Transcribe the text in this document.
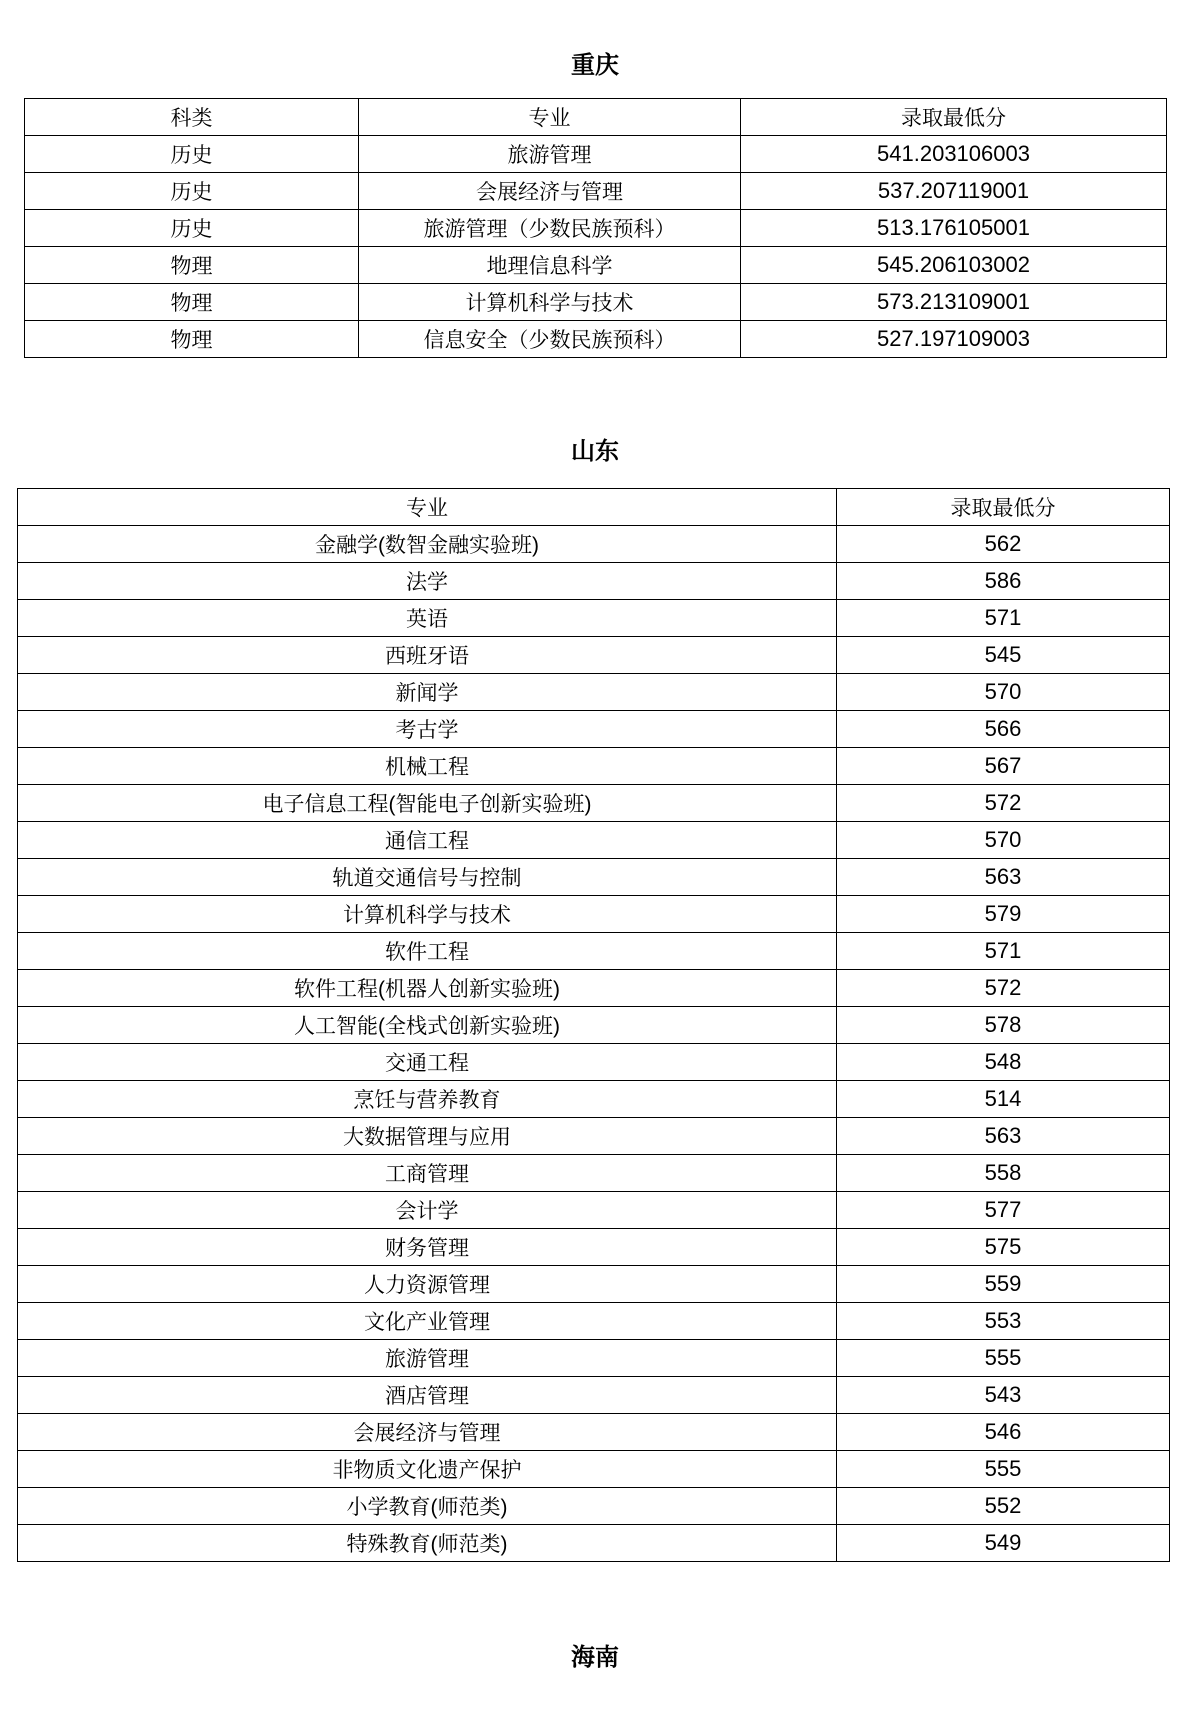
重庆
科类	专业	录取最低分
历史	旅游管理	541.203106003
历史	会展经济与管理	537.207119001
历史	旅游管理（少数民族预科）	513.176105001
物理	地理信息科学	545.206103002
物理	计算机科学与技术	573.213109001
物理	信息安全（少数民族预科）	527.197109003
山东
专业	录取最低分
金融学(数智金融实验班)	562
法学	586
英语	571
西班牙语	545
新闻学	570
考古学	566
机械工程	567
电子信息工程(智能电子创新实验班)	572
通信工程	570
轨道交通信号与控制	563
计算机科学与技术	579
软件工程	571
软件工程(机器人创新实验班)	572
人工智能(全栈式创新实验班)	578
交通工程	548
烹饪与营养教育	514
大数据管理与应用	563
工商管理	558
会计学	577
财务管理	575
人力资源管理	559
文化产业管理	553
旅游管理	555
酒店管理	543
会展经济与管理	546
非物质文化遗产保护	555
小学教育(师范类)	552
特殊教育(师范类)	549
海南
